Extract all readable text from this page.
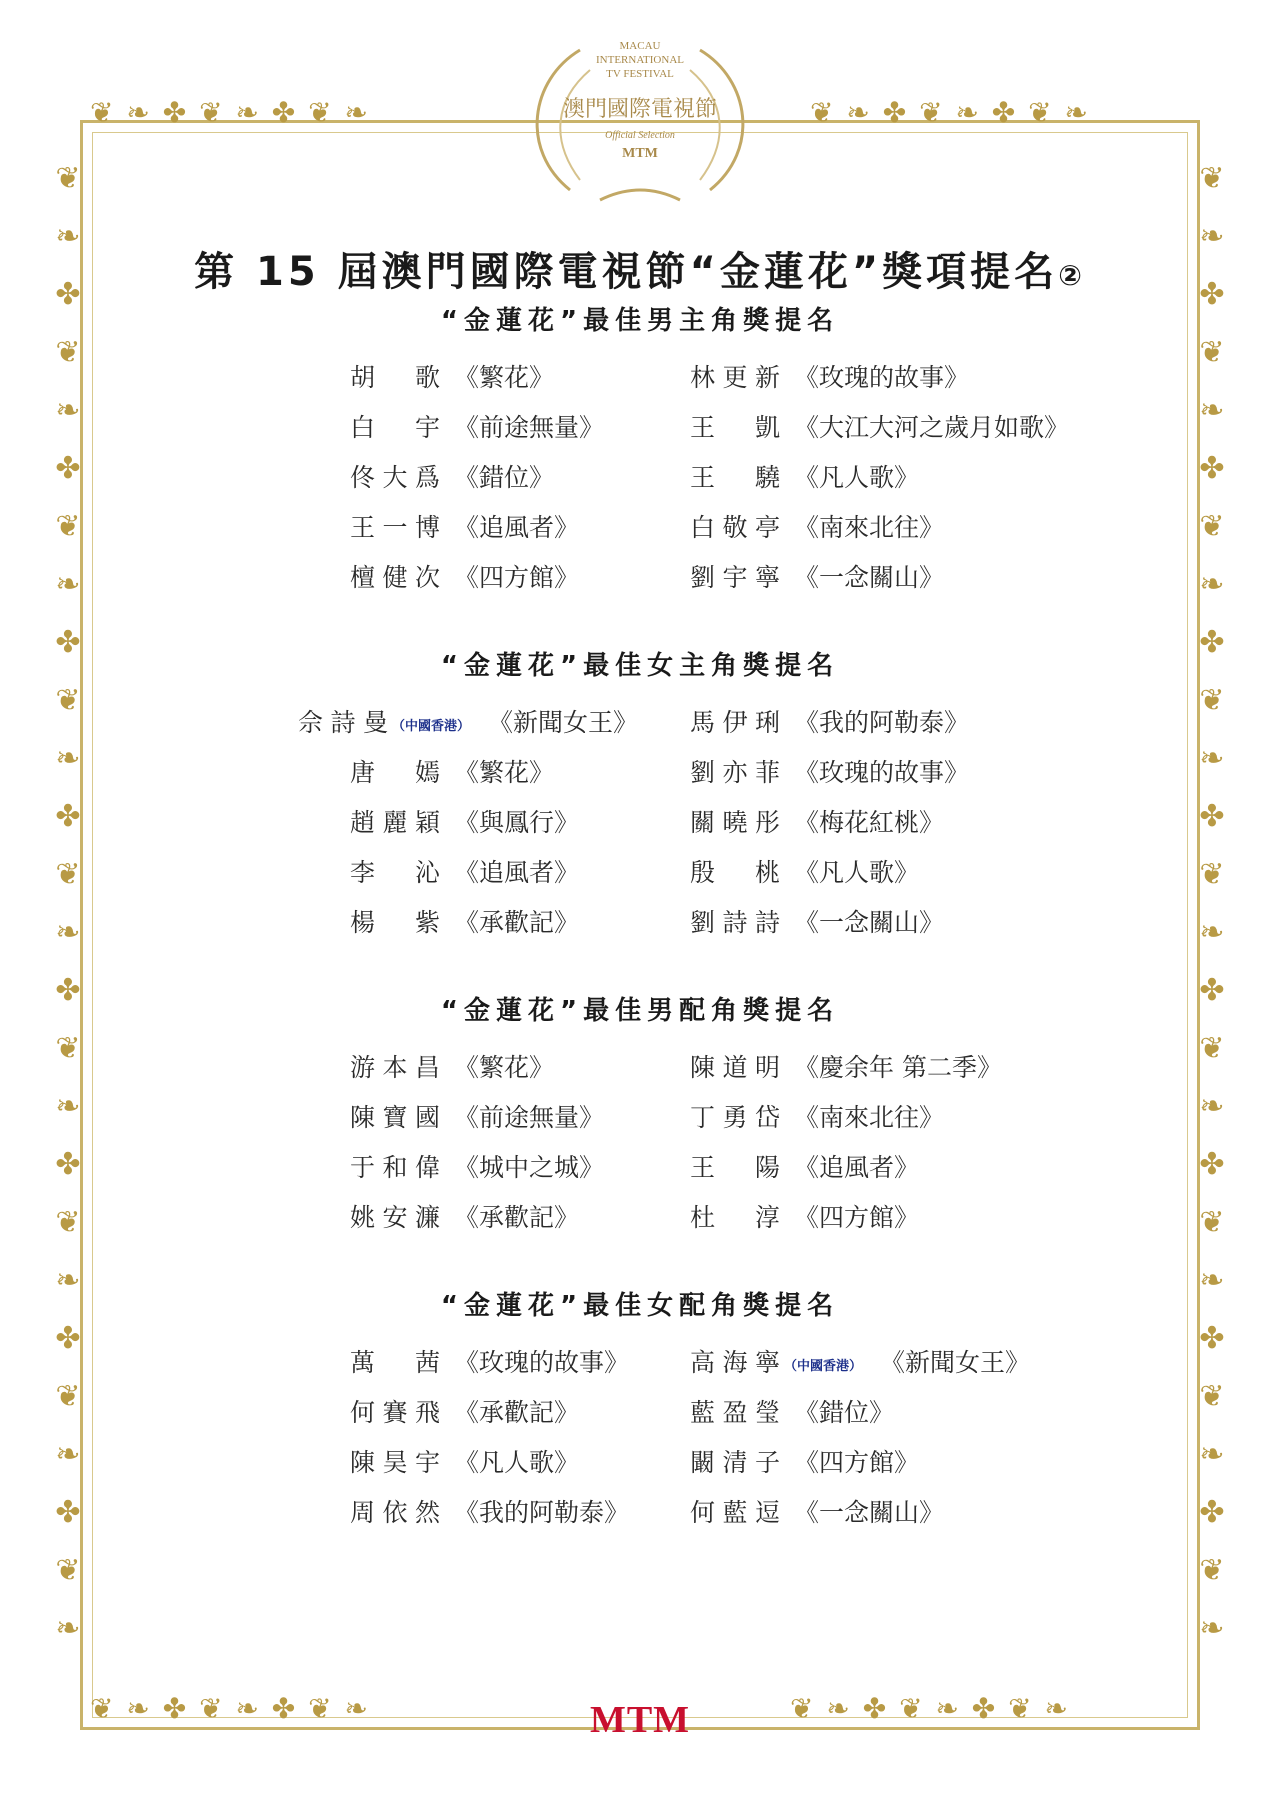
❦ ❧ ✤ ❦ ❧ ✤ ❦ ❧	❦ ❧ ✤ ❦ ❧ ✤ ❦ ❧
❦ ❧ ✤ ❦ ❧ ✤ ❦ ❧	❦ ❧ ✤ ❦ ❧ ✤ ❦ ❧
❦
❧
✤
❦
❧
✤
❦
❧
✤
❦
❧
✤
❦
❧
✤
❦
❧
✤
❦
❧
✤
❦
❧
✤
❦
❧
❦
❧
✤
❦
❧
✤
❦
❧
✤
❦
❧
✤
❦
❧
✤
❦
❧
✤
❦
❧
✤
❦
❧
✤
❦
❧
MACAU
INTERNATIONAL
TV FESTIVAL
澳門國際電視節
Official Selection
MTM
第 15 屆澳門國際電視節“金蓮花”獎項提名②
“金蓮花”最佳男主角獎提名
胡　歌 《繁花》
白　宇 《前途無量》
佟大爲 《錯位》
王一博 《追風者》
檀健次 《四方館》
林更新 《玫瑰的故事》
王　凱 《大江大河之歲月如歌》
王　驍 《凡人歌》
白敬亭 《南來北往》
劉宇寧 《一念關山》
“金蓮花”最佳女主角獎提名
佘詩曼 （中國香港） 《新聞女王》
唐　嫣 《繁花》
趙麗穎 《與鳳行》
李　沁 《追風者》
楊　紫 《承歡記》
馬伊琍 《我的阿勒泰》
劉亦菲 《玫瑰的故事》
關曉彤 《梅花紅桃》
殷　桃 《凡人歌》
劉詩詩 《一念關山》
“金蓮花”最佳男配角獎提名
游本昌 《繁花》
陳寶國 《前途無量》
于和偉 《城中之城》
姚安濂 《承歡記》
陳道明 《慶余年 第二季》
丁勇岱 《南來北往》
王　陽 《追風者》
杜　淳 《四方館》
“金蓮花”最佳女配角獎提名
萬　茜 《玫瑰的故事》
何賽飛 《承歡記》
陳昊宇 《凡人歌》
周依然 《我的阿勒泰》
高海寧 （中國香港） 《新聞女王》
藍盈瑩 《錯位》
闞清子 《四方館》
何藍逗 《一念關山》
MTM
